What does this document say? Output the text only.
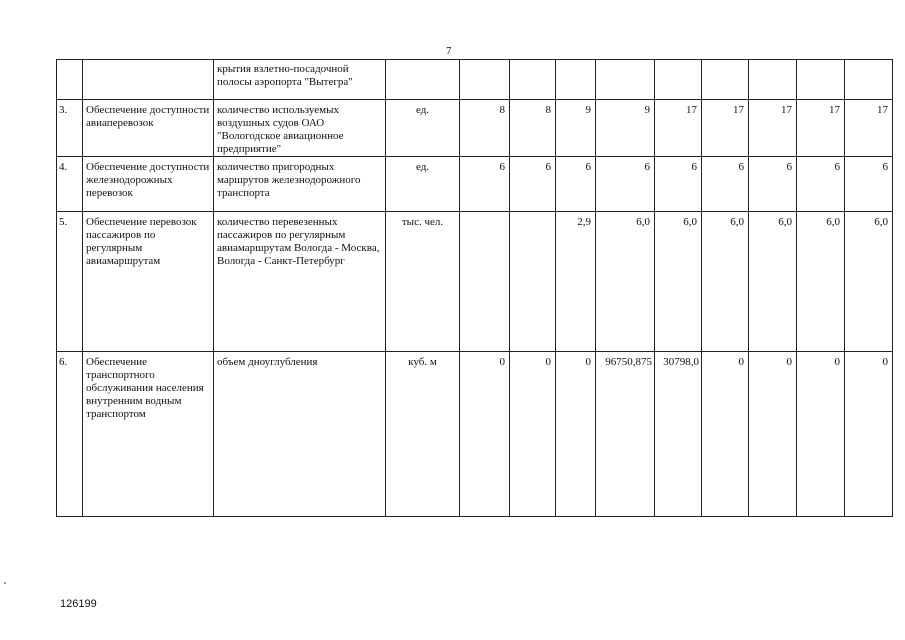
7
		крытия взлетно-посадочной полосы аэропорта "Вытегра"										
3.	Обеспечение доступности авиаперевозок	количество используемых воздушных судов ОАО "Вологодское авиационное предприятие"	ед.	8	8	9	9	17	17	17	17	17
4.	Обеспечение доступности железнодорожных перевозок	количество пригородных маршрутов железнодорожного транспорта	ед.	6	6	6	6	6	6	6	6	6
5.	Обеспечение перевозок пассажиров по регулярным авиамаршрутам	количество перевезенных пассажиров по регулярным авиамаршрутам Вологда - Москва, Вологда - Санкт-Петербург	тыс. чел.			2,9	6,0	6,0	6,0	6,0	6,0	6,0
6.	Обеспечение транспортного обслуживания населения внутренним водным транспортом	объем дноуглубления	куб. м	0	0	0	96750,875	30798,0	0	0	0	0
126199
